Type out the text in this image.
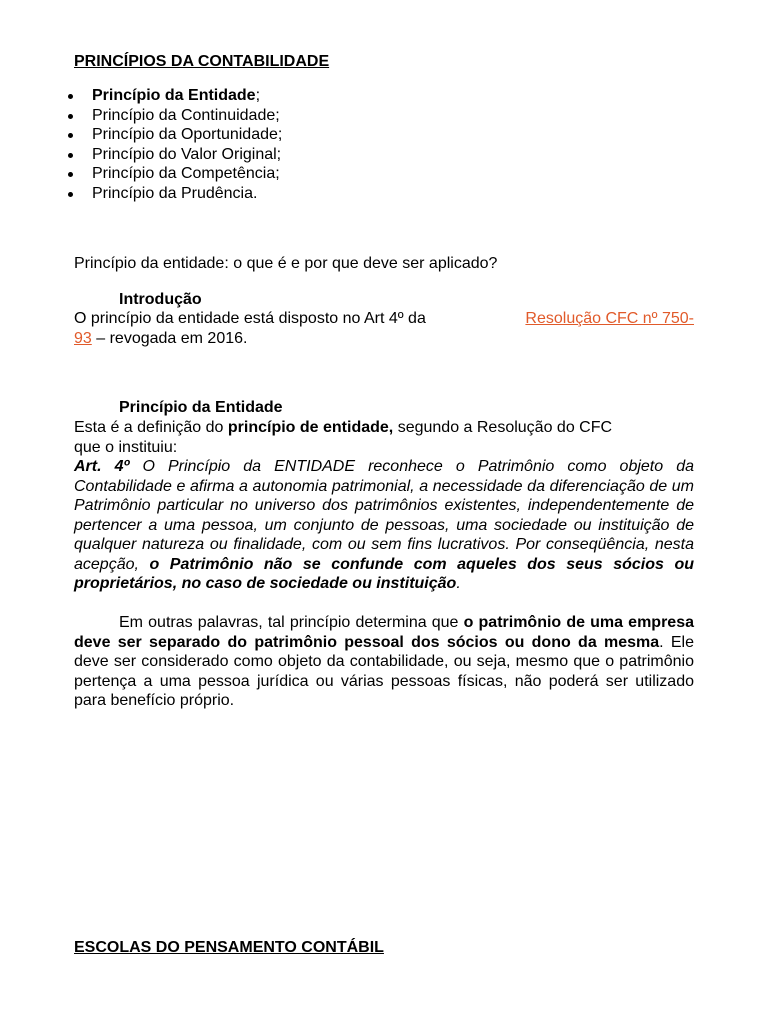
PRINCÍPIOS DA CONTABILIDADE
Princípio da Entidade;
Princípio da Continuidade;
Princípio da Oportunidade;
Princípio do Valor Original;
Princípio da Competência;
Princípio da Prudência.
Princípio da entidade: o que é e por que deve ser aplicado?
Introdução
O princípio da entidade está disposto no Art 4º da	Resolução CFC nº 750-
93 – revogada em 2016.
Princípio da Entidade
Esta é a definição do princípio de entidade, segundo a Resolução do CFC
que o instituiu:
Art. 4º O Princípio da ENTIDADE reconhece o Patrimônio como objeto da Contabilidade e afirma a autonomia patrimonial, a necessidade da diferenciação de um Patrimônio particular no universo dos patrimônios existentes, independentemente de pertencer a uma pessoa, um conjunto de pessoas, uma sociedade ou instituição de qualquer natureza ou finalidade, com ou sem fins lucrativos. Por conseqüência, nesta acepção, o Patrimônio não se confunde com aqueles dos seus sócios ou proprietários, no caso de sociedade ou instituição.
Em outras palavras, tal princípio determina que o patrimônio de uma empresa deve ser separado do patrimônio pessoal dos sócios ou dono da mesma. Ele deve ser considerado como objeto da contabilidade, ou seja, mesmo que o patrimônio pertença a uma pessoa jurídica ou várias pessoas físicas, não poderá ser utilizado para benefício próprio.
ESCOLAS DO PENSAMENTO CONTÁBIL
